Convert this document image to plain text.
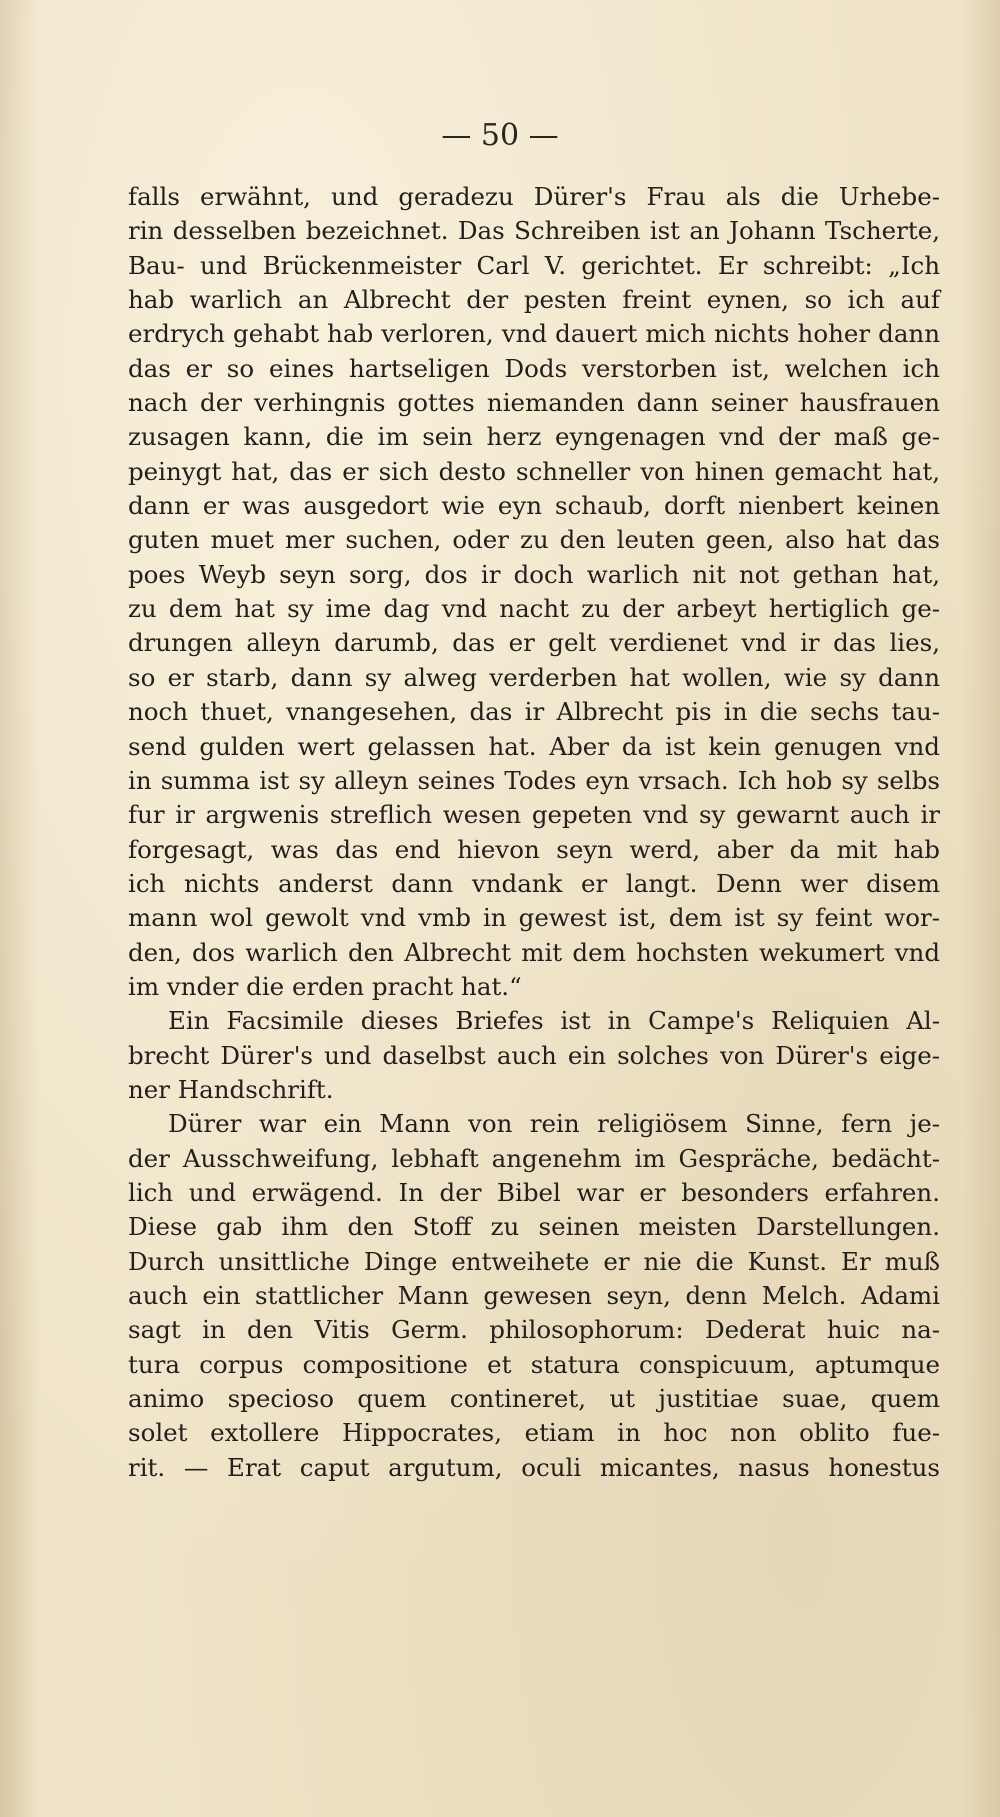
— 50 —
falls erwähnt, und geradezu Dürer's Frau als die Urhebe-
rin desselben bezeichnet. Das Schreiben ist an Johann Tscherte,
Bau- und Brückenmeister Carl V. gerichtet. Er schreibt: „Ich
hab warlich an Albrecht der pesten freint eynen, so ich auf
erdrych gehabt hab verloren, vnd dauert mich nichts hoher dann
das er so eines hartseligen Dods verstorben ist, welchen ich
nach der verhingnis gottes niemanden dann seiner hausfrauen
zusagen kann, die im sein herz eyngenagen vnd der maß ge-
peinygt hat, das er sich desto schneller von hinen gemacht hat,
dann er was ausgedort wie eyn schaub, dorft nienbert keinen
guten muet mer suchen, oder zu den leuten geen, also hat das
poes Weyb seyn sorg, dos ir doch warlich nit not gethan hat,
zu dem hat sy ime dag vnd nacht zu der arbeyt hertiglich ge-
drungen alleyn darumb, das er gelt verdienet vnd ir das lies,
so er starb, dann sy alweg verderben hat wollen, wie sy dann
noch thuet, vnangesehen, das ir Albrecht pis in die sechs tau-
send gulden wert gelassen hat. Aber da ist kein genugen vnd
in summa ist sy alleyn seines Todes eyn vrsach. Ich hob sy selbs
fur ir argwenis streflich wesen gepeten vnd sy gewarnt auch ir
forgesagt, was das end hievon seyn werd, aber da mit hab
ich nichts anderst dann vndank er langt. Denn wer disem
mann wol gewolt vnd vmb in gewest ist, dem ist sy feint wor-
den, dos warlich den Albrecht mit dem hochsten wekumert vnd
im vnder die erden pracht hat.“
Ein Facsimile dieses Briefes ist in Campe's Reliquien Al-
brecht Dürer's und daselbst auch ein solches von Dürer's eige-
ner Handschrift.
Dürer war ein Mann von rein religiösem Sinne, fern je-
der Ausschweifung, lebhaft angenehm im Gespräche, bedächt-
lich und erwägend. In der Bibel war er besonders erfahren.
Diese gab ihm den Stoff zu seinen meisten Darstellungen.
Durch unsittliche Dinge entweihete er nie die Kunst. Er muß
auch ein stattlicher Mann gewesen seyn, denn Melch. Adami
sagt in den Vitis Germ. philosophorum: Dederat huic na-
tura corpus compositione et statura conspicuum, aptumque
animo specioso quem contineret, ut justitiae suae, quem
solet extollere Hippocrates, etiam in hoc non oblito fue-
rit. — Erat caput argutum, oculi micantes, nasus honestus
